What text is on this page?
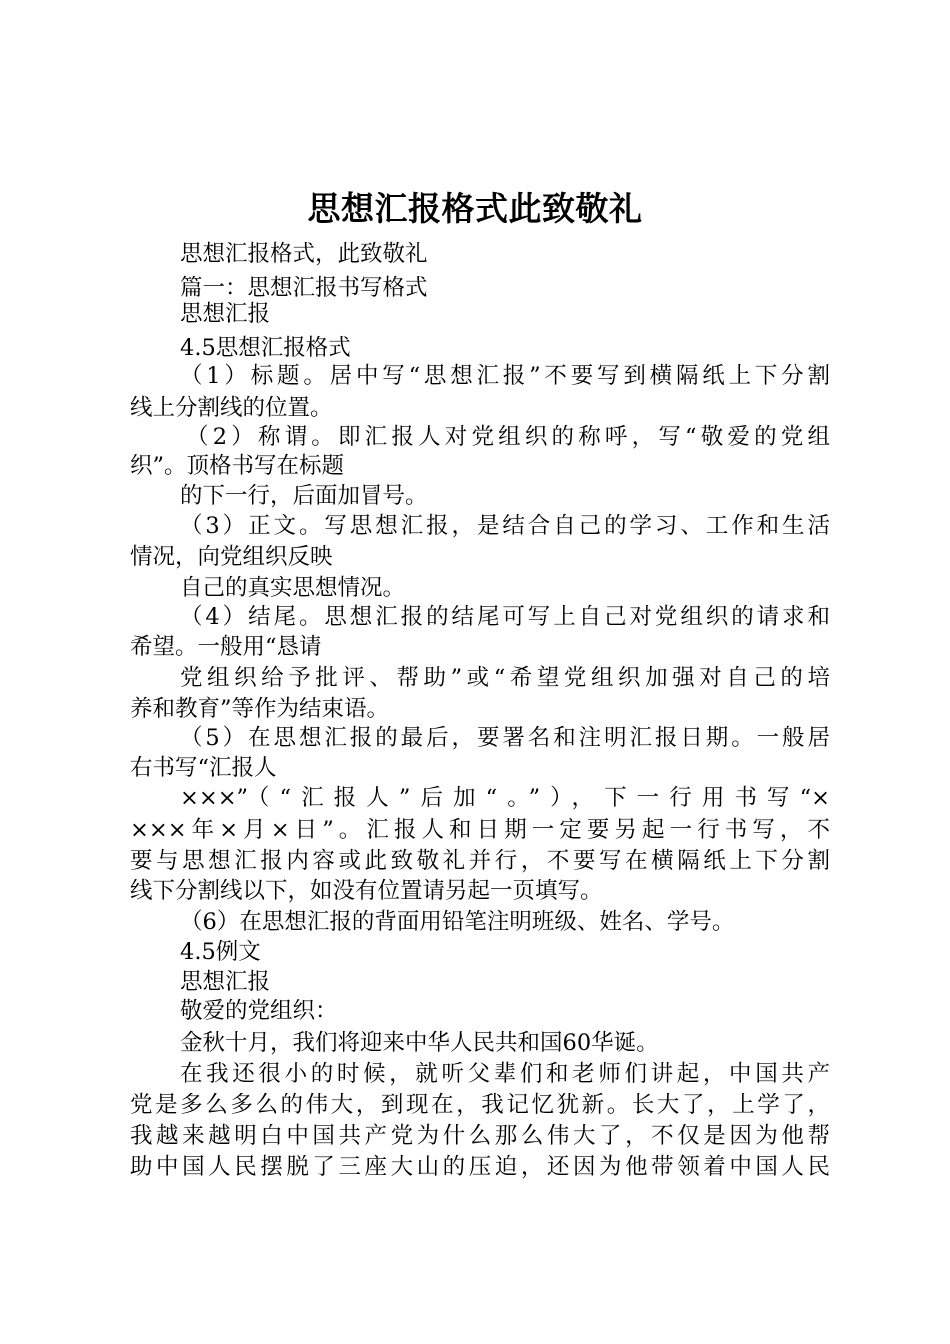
思想汇报格式此致敬礼
思想汇报格式，此致敬礼
篇一：思想汇报书写格式
思想汇报
4.5思想汇报格式
（1）标题。居中写“思想汇报”不要写到横隔纸上下分割
线上分割线的位置。
（2）称谓。即汇报人对党组织的称呼，写“敬爱的党组
织”。顶格书写在标题
的下一行，后面加冒号。
（3）正文。写思想汇报，是结合自己的学习、工作和生活
情况，向党组织反映
自己的真实思想情况。
（4）结尾。思想汇报的结尾可写上自己对党组织的请求和
希望。一般用“恳请
党组织给予批评、帮助”或“希望党组织加强对自己的培
养和教育”等作为结束语。
（5）在思想汇报的最后，要署名和注明汇报日期。一般居
右书写“汇报人
×××”（“汇报人”后加“。”），下一行用书写“×
×××年×月×日”。汇报人和日期一定要另起一行书写，不
要与思想汇报内容或此致敬礼并行，不要写在横隔纸上下分割
线下分割线以下，如没有位置请另起一页填写。
（6）在思想汇报的背面用铅笔注明班级、姓名、学号。
4.5例文
思想汇报
敬爱的党组织：
金秋十月，我们将迎来中华人民共和国60华诞。
在我还很小的时候，就听父辈们和老师们讲起，中国共产
党是多么多么的伟大，到现在，我记忆犹新。长大了，上学了，
我越来越明白中国共产党为什么那么伟大了，不仅是因为他帮
助中国人民摆脱了三座大山的压迫，还因为他带领着中国人民
